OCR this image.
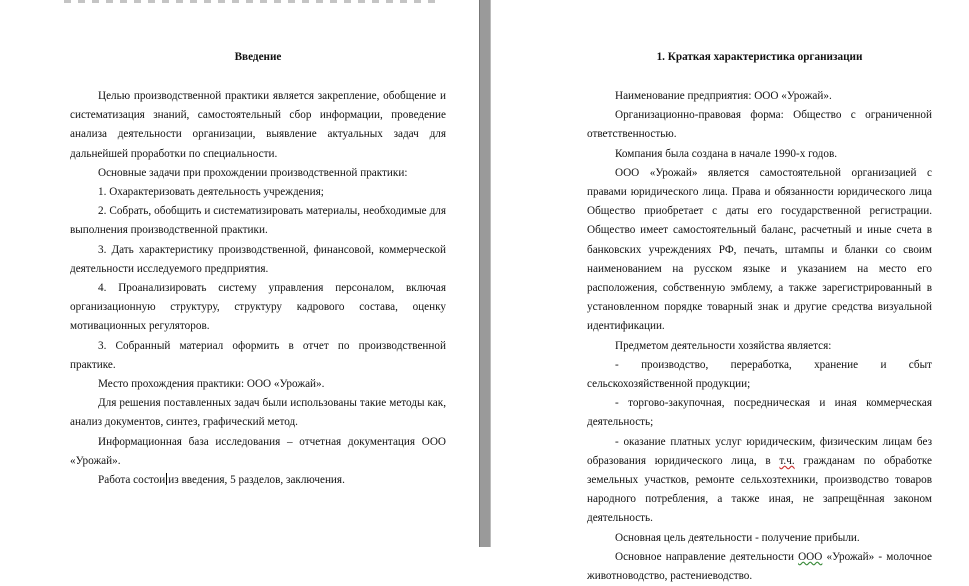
Введение

Целью производственной практики является закрепление, обобщение и систематизация знаний, самостоятельный сбор информации, проведение анализа деятельности организации, выявление актуальных задач для дальнейшей проработки по специальности.

Основные задачи при прохождении производственной практики:

1. Охарактеризовать деятельность учреждения;

2. Собрать, обобщить и систематизировать материалы, необходимые для выполнения производственной практики.

3. Дать характеристику производственной, финансовой, коммерческой деятельности исследуемого предприятия.

4. Проанализировать систему управления персоналом, включая организационную структуру, структуру кадрового состава, оценку мотивационных регуляторов.

3. Собранный материал оформить в отчет по производственной практике.

Место прохождения практики: ООО «Урожай».

Для решения поставленных задач были использованы такие методы как, анализ документов, синтез, графический метод.

Информационная база исследования – отчетная документация ООО «Урожай».

Работа состои из введения, 5 разделов, заключения.

1. Краткая характеристика организации

Наименование предприятия: ООО «Урожай».

Организационно-правовая форма: Общество с ограниченной ответственностью.

Компания была создана в начале 1990-х годов.

ООО «Урожай» является самостоятельной организацией с правами юридического лица. Права и обязанности юридического лица Общество приобретает с даты его государственной регистрации. Общество имеет самостоятельный баланс, расчетный и иные счета в банковских учреждениях РФ, печать, штампы и бланки со своим наименованием на русском языке и указанием на место его расположения, собственную эмблему, а также зарегистрированный в установленном порядке товарный знак и другие средства визуальной идентификации.

Предметом деятельности хозяйства является:

- производство, переработка, хранение и сбыт сельскохозяйственной продукции;

- торгово-закупочная, посредническая и иная коммерческая деятельность;

- оказание платных услуг юридическим, физическим лицам без образования юридического лица, в т.ч. гражданам по обработке земельных участков, ремонте сельхозтехники, производство товаров народного потребления, а также иная, не запрещённая законом деятельность.

Основная цель деятельности - получение прибыли.

Основное направление деятельности ООО «Урожай» - молочное животноводство, растениеводство.
